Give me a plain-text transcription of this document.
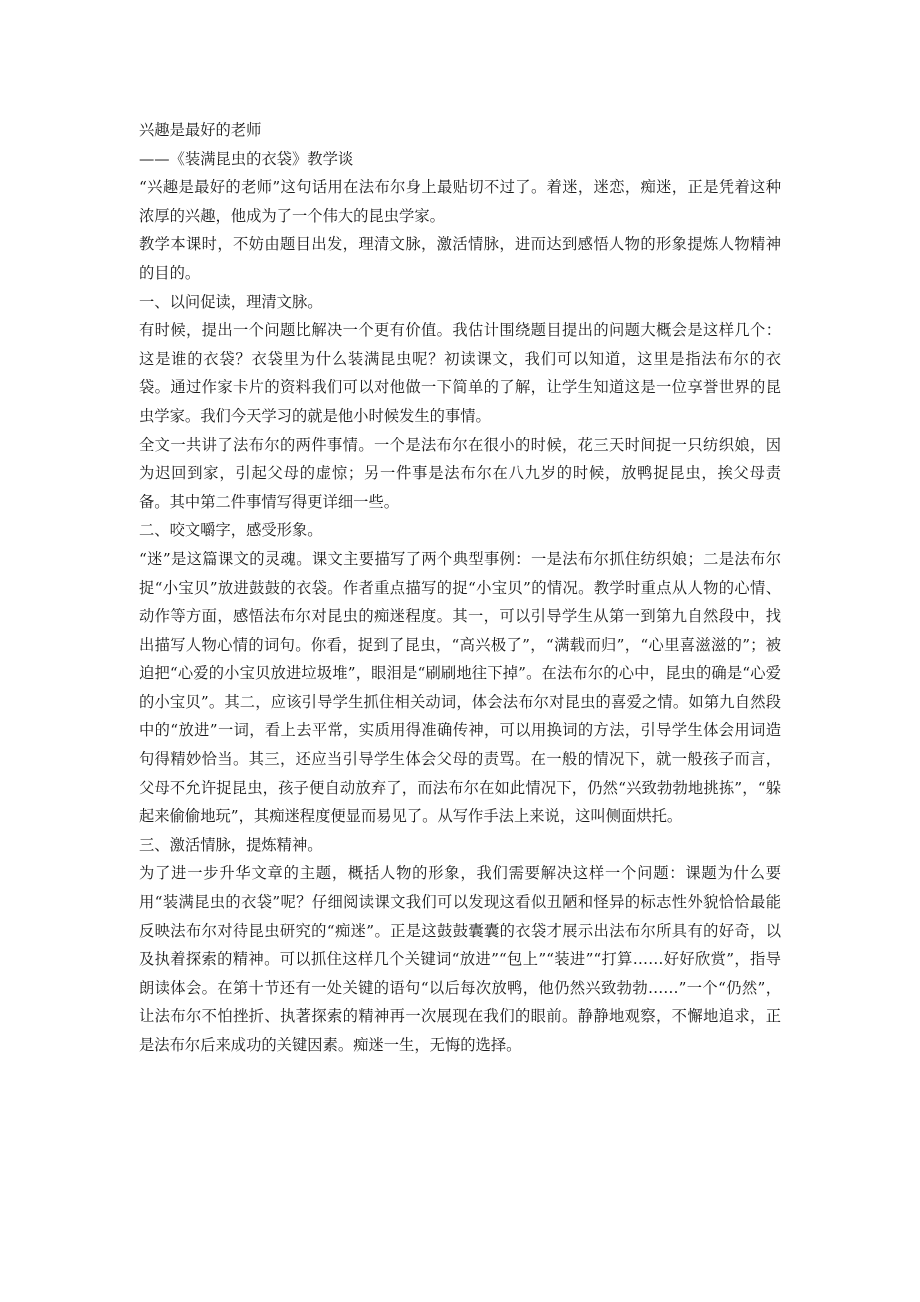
兴趣是最好的老师
——《装满昆虫的衣袋》教学谈
“兴趣是最好的老师”这句话用在法布尔身上最贴切不过了。着迷，迷恋，痴迷，正是凭着这种浓厚的兴趣，他成为了一个伟大的昆虫学家。
教学本课时，不妨由题目出发，理清文脉，激活情脉，进而达到感悟人物的形象提炼人物精神的目的。
一、以问促读，理清文脉。
有时候，提出一个问题比解决一个更有价值。我估计围绕题目提出的问题大概会是这样几个：这是谁的衣袋？衣袋里为什么装满昆虫呢？初读课文，我们可以知道，这里是指法布尔的衣袋。通过作家卡片的资料我们可以对他做一下简单的了解，让学生知道这是一位享誉世界的昆虫学家。我们今天学习的就是他小时候发生的事情。
全文一共讲了法布尔的两件事情。一个是法布尔在很小的时候，花三天时间捉一只纺织娘，因为迟回到家，引起父母的虚惊；另一件事是法布尔在八九岁的时候，放鸭捉昆虫，挨父母责备。其中第二件事情写得更详细一些。
二、咬文嚼字，感受形象。
“迷”是这篇课文的灵魂。课文主要描写了两个典型事例：一是法布尔抓住纺织娘；二是法布尔捉“小宝贝”放进鼓鼓的衣袋。作者重点描写的捉“小宝贝”的情况。教学时重点从人物的心情、动作等方面，感悟法布尔对昆虫的痴迷程度。其一，可以引导学生从第一到第九自然段中，找出描写人物心情的词句。你看，捉到了昆虫，“高兴极了”，“满载而归”，“心里喜滋滋的”；被迫把“心爱的小宝贝放进垃圾堆”，眼泪是“刷刷地往下掉”。在法布尔的心中，昆虫的确是“心爱的小宝贝”。其二，应该引导学生抓住相关动词，体会法布尔对昆虫的喜爱之情。如第九自然段中的“放进”一词，看上去平常，实质用得准确传神，可以用换词的方法，引导学生体会用词造句得精妙恰当。其三，还应当引导学生体会父母的责骂。在一般的情况下，就一般孩子而言，父母不允许捉昆虫，孩子便自动放弃了，而法布尔在如此情况下，仍然“兴致勃勃地挑拣”，“躲起来偷偷地玩”，其痴迷程度便显而易见了。从写作手法上来说，这叫侧面烘托。
三、激活情脉，提炼精神。
为了进一步升华文章的主题，概括人物的形象，我们需要解决这样一个问题：课题为什么要用“装满昆虫的衣袋”呢？仔细阅读课文我们可以发现这看似丑陋和怪异的标志性外貌恰恰最能反映法布尔对待昆虫研究的“痴迷”。正是这鼓鼓囊囊的衣袋才展示出法布尔所具有的好奇，以及执着探索的精神。可以抓住这样几个关键词“放进”“包上”“装进”“打算……好好欣赏”，指导朗读体会。在第十节还有一处关键的语句“以后每次放鸭，他仍然兴致勃勃……”一个“仍然”，让法布尔不怕挫折、执著探索的精神再一次展现在我们的眼前。静静地观察，不懈地追求，正是法布尔后来成功的关键因素。痴迷一生，无悔的选择。
